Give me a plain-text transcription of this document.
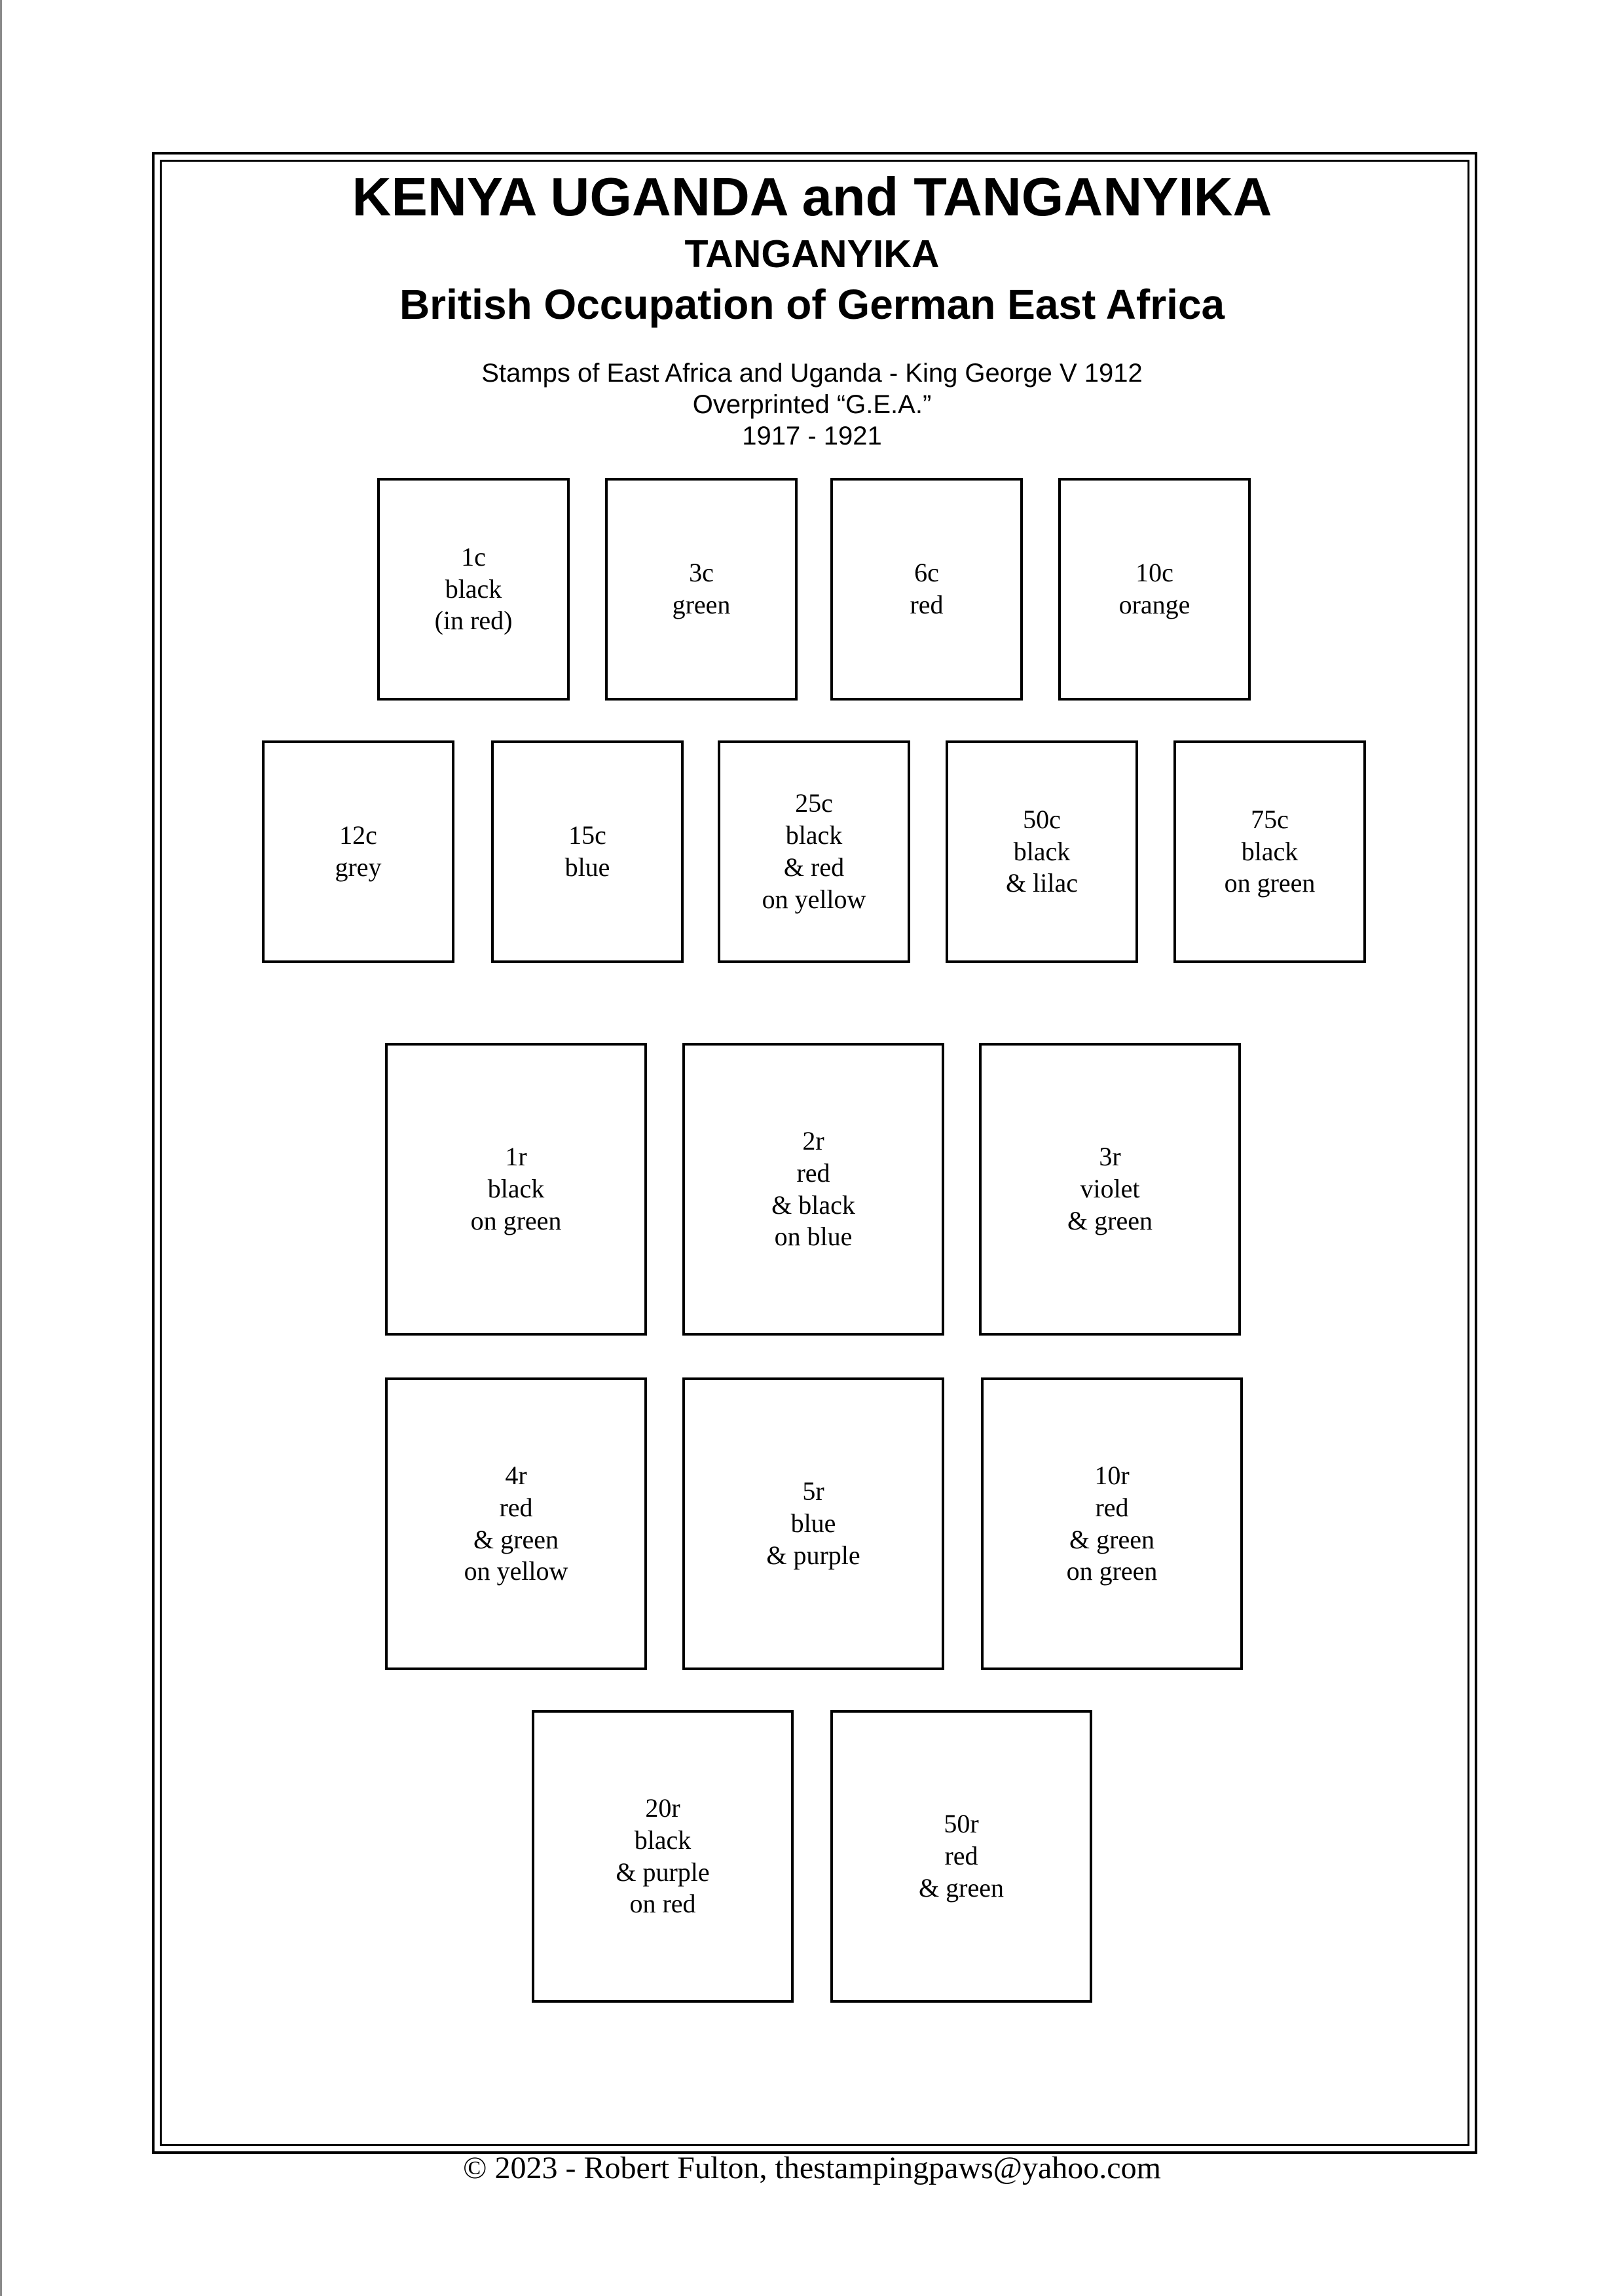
KENYA UGANDA and TANGANYIKA
TANGANYIKA
British Occupation of German East Africa

Stamps of East Africa and Uganda - King George V 1912

Overprinted “G.E.A.”

1917 - 1921

1c
black
(in red)
3c
green
6c
red
10c
orange
12c
grey
15c
blue
25c
black
& red
on yellow
50c
black
& lilac
75c
black
on green
1r
black
on green
2r
red
& black
on blue
3r
violet
& green
4r
red
& green
on yellow
5r
blue
& purple
10r
red
& green
on green
20r
black
& purple
on red
50r
red
& green

© 2023 - Robert Fulton, thestampingpaws@yahoo.com
